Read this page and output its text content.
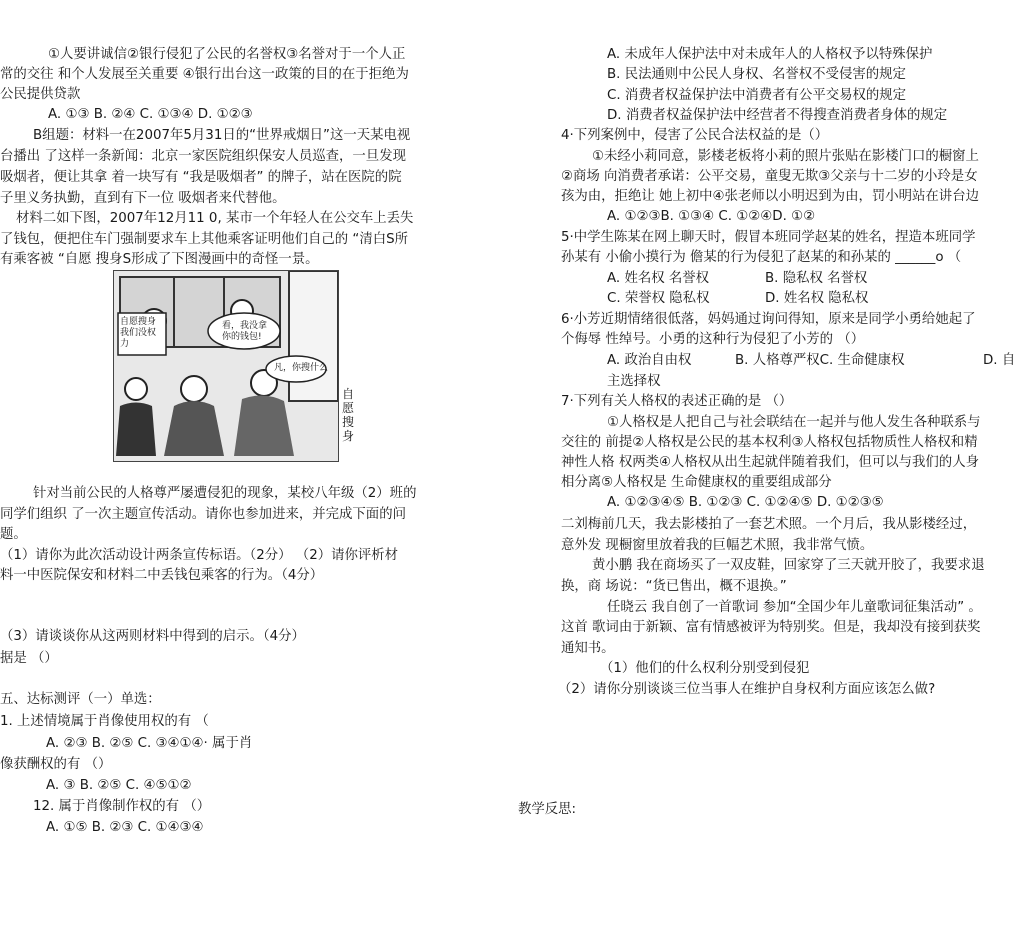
①人要讲诚信②银行侵犯了公民的名誉权③名誉对于一个人正
常的交往 和个人发展至关重要 ④银行出台这一政策的目的在于拒绝为
公民提供贷款
A. ①③ B. ②④ C. ①③④ D. ①②③
B组题：材料一在2007年5月31日的“世界戒烟日”这一天某电视
台播出 了这样一条新闻：北京一家医院组织保安人员巡查，一旦发现
吸烟者，便让其拿 着一块写有 “我是吸烟者” 的牌子，站在医院的院
子里义务执勤，直到有下一位 吸烟者来代替他。
材料二如下图，2007年12月11 0, 某市一个年轻人在公交车上丢失
了钱包，便把住车门强制要求车上其他乘客证明他们自己的 “清白S所
有乘客被 “自愿 搜身S形成了下图漫画中的奇怪一景。
自愿搜身 我们没权力
看，我没拿 你的钱包!
凡，你搜什么
自愿搜身
针对当前公民的人格尊严屡遭侵犯的现象，某校八年级（2）班的
同学们组织 了一次主题宣传活动。请你也参加进来，并完成下面的问
题。
（1）请你为此次活动设计两条宣传标语。（2分） （2）请你评析材
料一中医院保安和材料二中丢钱包乘客的行为。（4分）
（3）请谈谈你从这两则材料中得到的启示。（4分）
据是 （）
五、达标测评（一）单选：
1. 上述情境属于肖像使用权的有 （
A. ②③ B. ②⑤ C. ③④①④· 属于肖
像获酬权的有 （）
A. ③ B. ②⑤ C. ④⑤①②
12. 属于肖像制作权的有 （）
A. ①⑤ B. ②③ C. ①④③④
A. 未成年人保护法中对未成年人的人格权予以特殊保护
B. 民法通则中公民人身权、名誉权不受侵害的规定
C. 消费者权益保护法中消费者有公平交易权的规定
D. 消费者权益保护法中经营者不得搜查消费者身体的规定
4·下列案例中，侵害了公民合法权益的是（）
①未经小莉同意，影楼老板将小莉的照片张贴在影楼门口的橱窗上
②商场 向消费者承诺：公平交易，童叟无欺③父亲与十二岁的小玲是女
孩为由，拒绝让 她上初中④张老师以小明迟到为由，罚小明站在讲台边
A. ①②③B. ①③④ C. ①②④D. ①②
5·中学生陈某在网上聊天时，假冒本班同学赵某的姓名，捏造本班同学
孙某有 小偷小摸行为 儋某的行为侵犯了赵某的和孙某的 ______o （
A. 姓名权 名誉权	B. 隐私权 名誉权
C. 荣誉权 隐私权	D. 姓名权 隐私权
6·小芳近期情绪很低落，妈妈通过询问得知，原来是同学小勇给她起了
个侮辱 性绰号。小勇的这种行为侵犯了小芳的 （）
A. 政治自由权	B. 人格尊严权C. 生命健康权	D. 自
主选择权
7·下列有关人格权的表述正确的是 （）
①人格权是人把自己与社会联结在一起并与他人发生各种联系与
交往的 前提②人格权是公民的基本权利③人格权包括物质性人格权和精
神性人格 权两类④人格权从出生起就伴随着我们，但可以与我们的人身
相分离⑤人格权是 生命健康权的重要组成部分
A. ①②③④⑤ B. ①②③ C. ①②④⑤ D. ①②③⑤
二刘梅前几天，我去影楼拍了一套艺术照。一个月后，我从影楼经过，
意外发 现橱窗里放着我的巨幅艺术照，我非常气愤。
黄小鹏 我在商场买了一双皮鞋，回家穿了三天就开胶了，我要求退
换，商 场说：“货已售出，概不退换。”
任晓云 我自创了一首歌词 参加“全国少年儿童歌词征集活动” 。
这首 歌词由于新颖、富有情感被评为特别奖。但是，我却没有接到获奖
通知书。
（1）他们的什么权利分别受到侵犯
（2）请你分别谈谈三位当事人在维护自身权利方面应该怎么做?
教学反思:
